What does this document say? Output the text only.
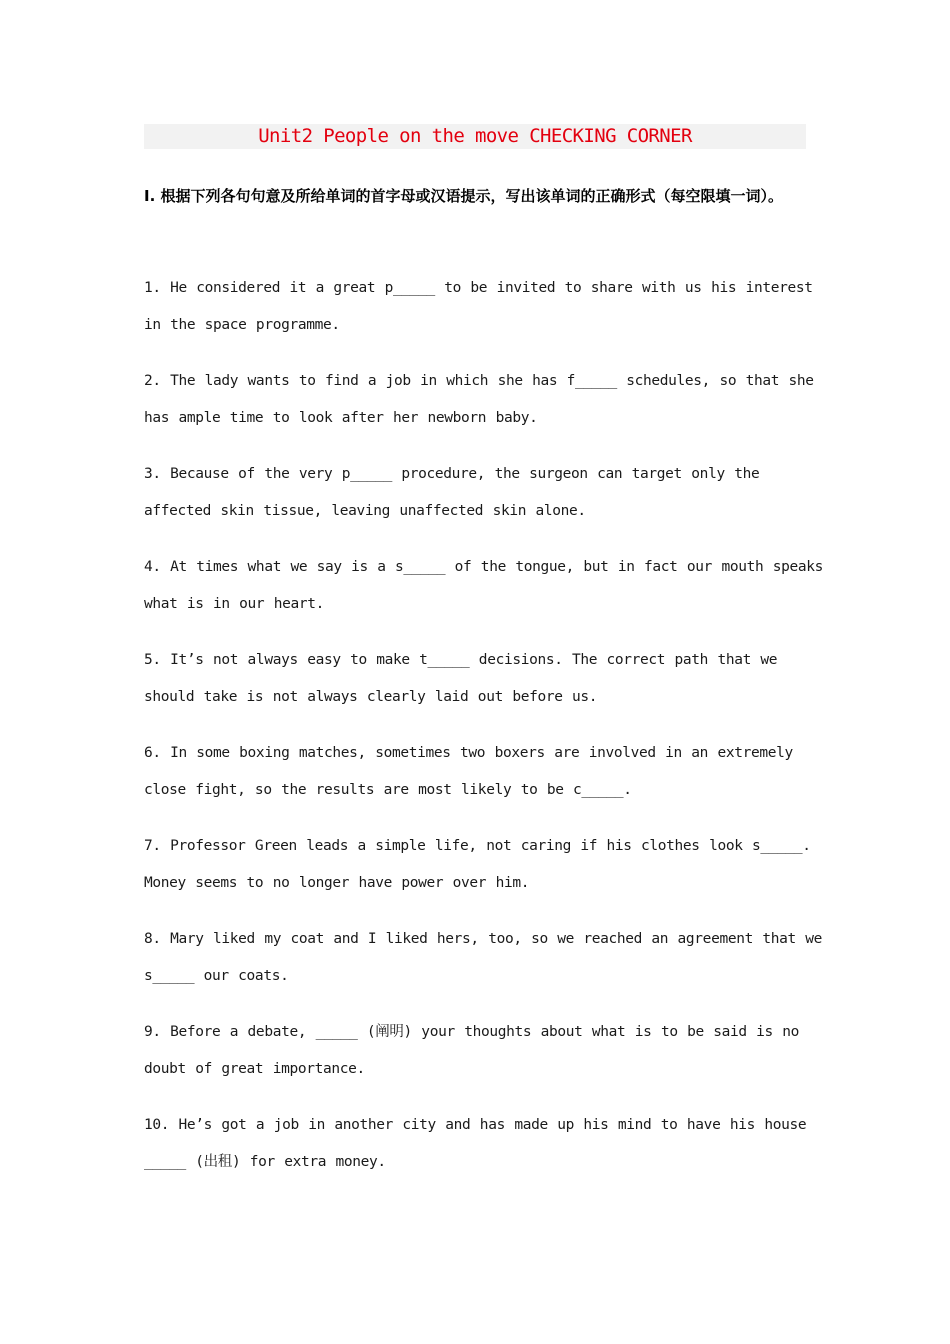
Unit2 People on the move CHECKING CORNER
I. 根据下列各句句意及所给单词的首字母或汉语提示，写出该单词的正确形式（每空限填一词）。
1. He considered it a great p_____ to be invited to share with us his interest
in the space programme.
2. The lady wants to find a job in which she has f_____ schedules, so that she
has ample time to look after her newborn baby.
3. Because of the very p_____ procedure, the surgeon can target only the
affected skin tissue, leaving unaffected skin alone.
4. At times what we say is a s_____ of the tongue, but in fact our mouth speaks
what is in our heart.
5. It’s not always easy to make t_____ decisions. The correct path that we
should take is not always clearly laid out before us.
6. In some boxing matches, sometimes two boxers are involved in an extremely
close fight, so the results are most likely to be c_____.
7. Professor Green leads a simple life, not caring if his clothes look s_____.
Money seems to no longer have power over him.
8. Mary liked my coat and I liked hers, too, so we reached an agreement that we
s_____ our coats.
9. Before a debate, _____ (阐明) your thoughts about what is to be said is no
doubt of great importance.
10. He’s got a job in another city and has made up his mind to have his house
_____ (出租) for extra money.
